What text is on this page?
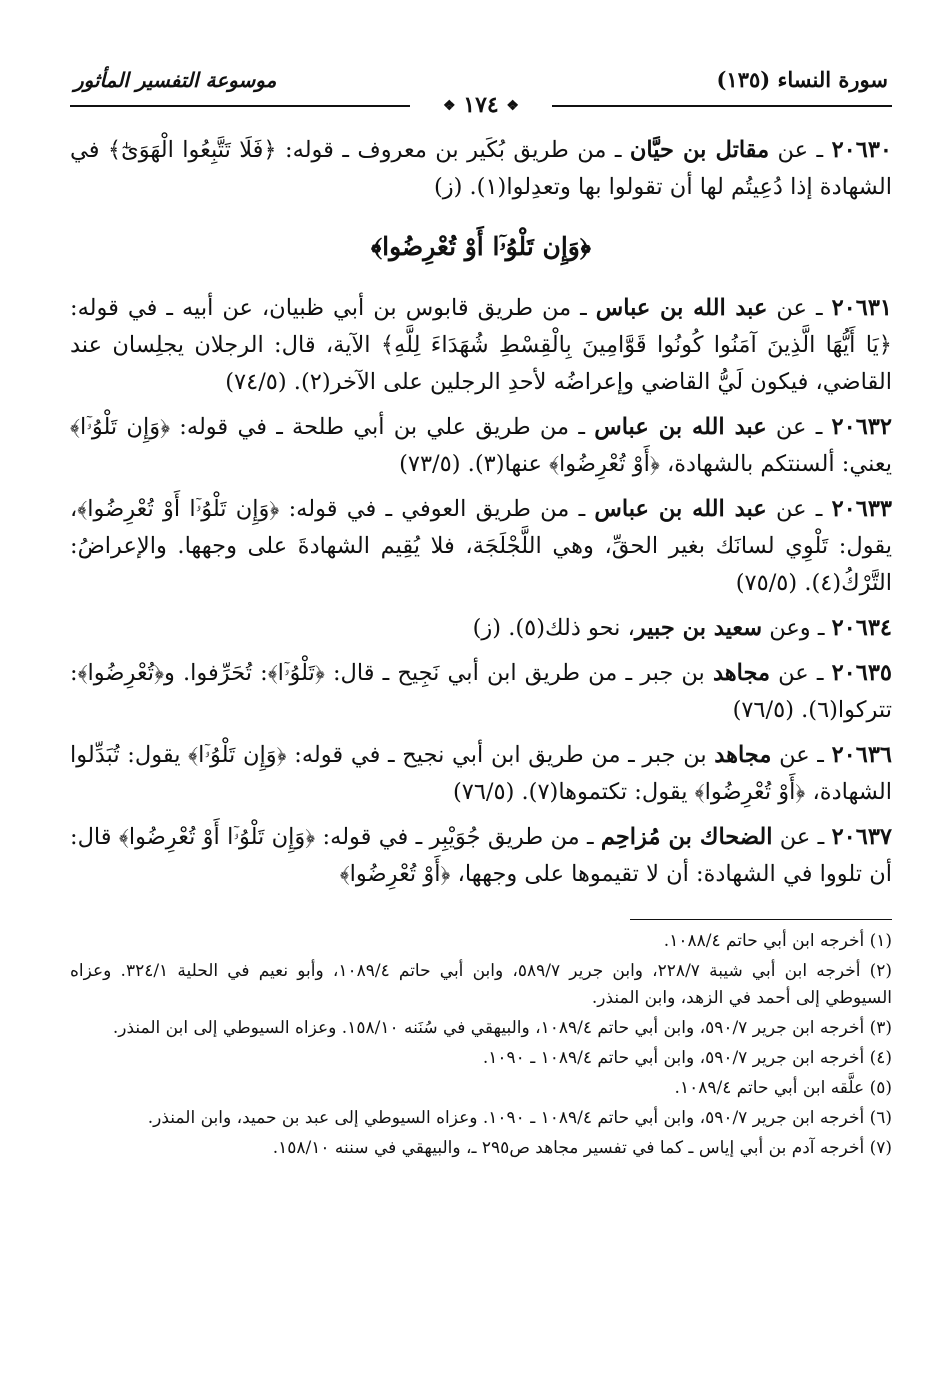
سورة النساء (١٣٥)
موسوعة التفسير المأثور
❖ ١٧٤ ❖

٢٠٦٣٠ ـ عن مقاتل بن حيَّان ـ من طريق بُكَير بن معروف ـ قوله: ﴿فَلَا تَتَّبِعُوا الْهَوَىٰٓ﴾ في الشهادة إذا دُعِيتُم لها أن تقولوا بها وتعدِلوا(١). (ز)

﴿وَإِن تَلْوُۥٓا أَوْ تُعْرِضُوا﴾

٢٠٦٣١ ـ عن عبد الله بن عباس ـ من طريق قابوس بن أبي ظبيان، عن أبيه ـ في قوله: ﴿يَا أَيُّهَا الَّذِينَ آمَنُوا كُونُوا قَوَّامِينَ بِالْقِسْطِ شُهَدَاءَ لِلَّهِ﴾ الآية، قال: الرجلان يجلِسان عند القاضي، فيكون لَيُّ القاضي وإعراضُه لأحدِ الرجلين على الآخر(٢). (٧٤/٥)

٢٠٦٣٢ ـ عن عبد الله بن عباس ـ من طريق علي بن أبي طلحة ـ في قوله: ﴿وَإِن تَلْوُۥٓا﴾ يعني: ألسنتكم بالشهادة، ﴿أَوْ تُعْرِضُوا﴾ عنها(٣). (٧٣/٥)

٢٠٦٣٣ ـ عن عبد الله بن عباس ـ من طريق العوفي ـ في قوله: ﴿وَإِن تَلْوُۥٓا أَوْ تُعْرِضُوا﴾، يقول: تَلْوِي لسانَك بغير الحقِّ، وهي اللَّجْلَجَة، فلا يُقِيم الشهادةَ على وجهها. والإعراضُ: التَّرْكُ(٤). (٧٥/٥)

٢٠٦٣٤ ـ وعن سعيد بن جبير، نحو ذلك(٥). (ز)

٢٠٦٣٥ ـ عن مجاهد بن جبر ـ من طريق ابن أبي نَجِيح ـ قال: ﴿تَلْوُۥٓا﴾: تُحَرِّفوا. و﴿تُعْرِضُوا﴾: تتركوا(٦). (٧٦/٥)

٢٠٦٣٦ ـ عن مجاهد بن جبر ـ من طريق ابن أبي نجيح ـ في قوله: ﴿وَإِن تَلْوُۥٓا﴾ يقول: تُبَدِّلوا الشهادة، ﴿أَوْ تُعْرِضُوا﴾ يقول: تكتموها(٧). (٧٦/٥)

٢٠٦٣٧ ـ عن الضحاك بن مُزاحِم ـ من طريق جُوَيْبِر ـ في قوله: ﴿وَإِن تَلْوُۥٓا أَوْ تُعْرِضُوا﴾ قال: أن تلووا في الشهادة: أن لا تقيموها على وجهها، ﴿أَوْ تُعْرِضُوا﴾

(١) أخرجه ابن أبي حاتم ١٠٨٨/٤.

(٢) أخرجه ابن أبي شيبة ٢٢٨/٧، وابن جرير ٥٨٩/٧، وابن أبي حاتم ١٠٨٩/٤، وأبو نعيم في الحلية ٣٢٤/١. وعزاه السيوطي إلى أحمد في الزهد، وابن المنذر.

(٣) أخرجه ابن جرير ٥٩٠/٧، وابن أبي حاتم ١٠٨٩/٤، والبيهقي في سُنَنه ١٥٨/١٠. وعزاه السيوطي إلى ابن المنذر.

(٤) أخرجه ابن جرير ٥٩٠/٧، وابن أبي حاتم ١٠٨٩/٤ ـ ١٠٩٠.

(٥) علَّقه ابن أبي حاتم ١٠٨٩/٤.

(٦) أخرجه ابن جرير ٥٩٠/٧، وابن أبي حاتم ١٠٨٩/٤ ـ ١٠٩٠. وعزاه السيوطي إلى عبد بن حميد، وابن المنذر.

(٧) أخرجه آدم بن أبي إياس ـ كما في تفسير مجاهد ص٢٩٥ ـ، والبيهقي في سننه ١٥٨/١٠.
